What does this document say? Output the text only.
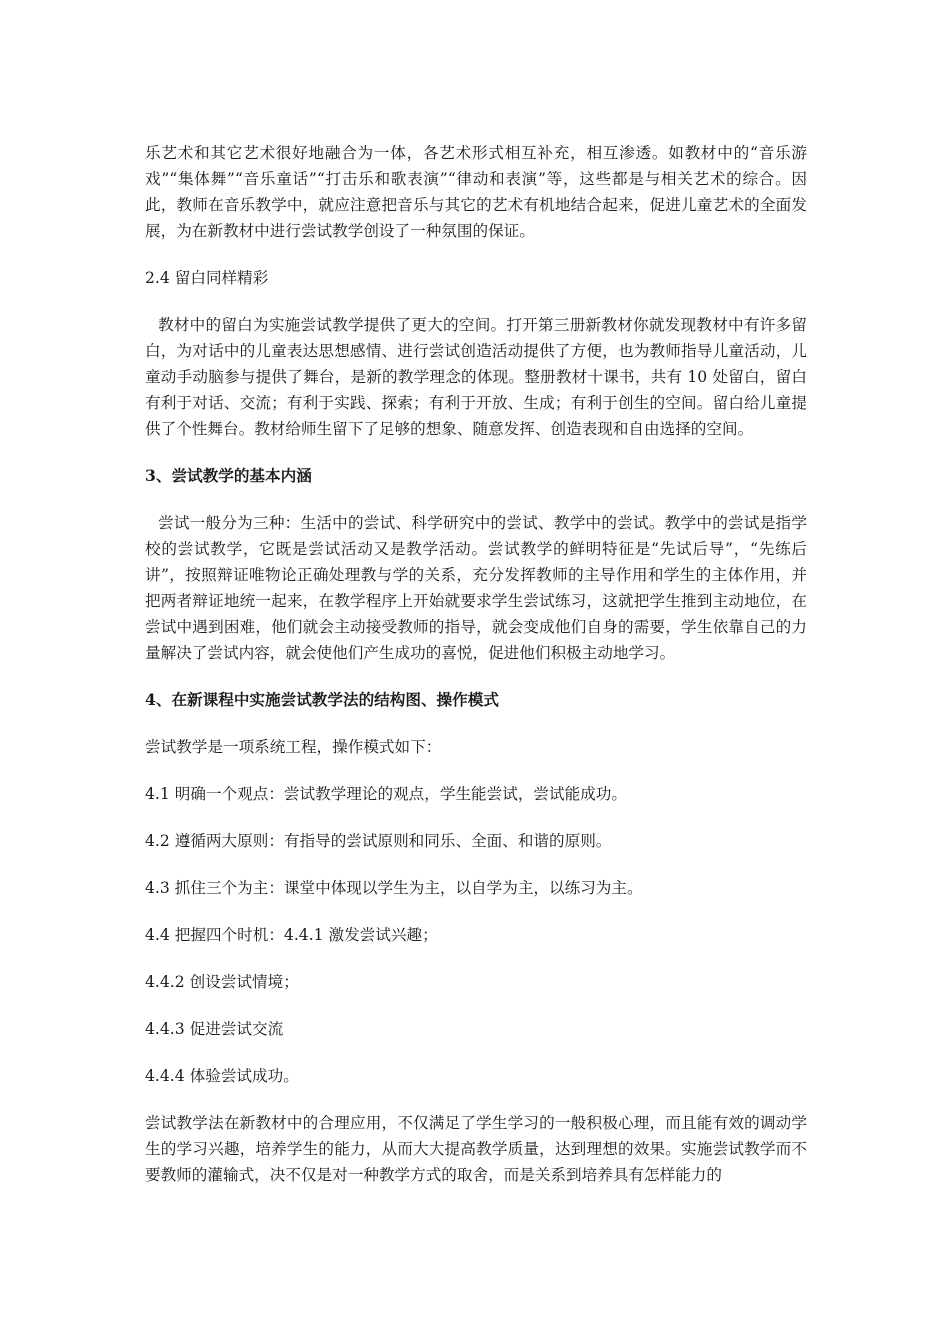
乐艺术和其它艺术很好地融合为一体，各艺术形式相互补充，相互渗透。如教材中的“音乐游戏”“集体舞”“音乐童话”“打击乐和歌表演”“律动和表演”等，这些都是与相关艺术的综合。因此，教师在音乐教学中，就应注意把音乐与其它的艺术有机地结合起来，促进儿童艺术的全面发展，为在新教材中进行尝试教学创设了一种氛围的保证。

2.4 留白同样精彩

教材中的留白为实施尝试教学提供了更大的空间。打开第三册新教材你就发现教材中有许多留白，为对话中的儿童表达思想感情、进行尝试创造活动提供了方便，也为教师指导儿童活动，儿童动手动脑参与提供了舞台，是新的教学理念的体现。整册教材十课书，共有 10 处留白，留白有利于对话、交流；有利于实践、探索；有利于开放、生成；有利于创生的空间。留白给儿童提供了个性舞台。教材给师生留下了足够的想象、随意发挥、创造表现和自由选择的空间。

3、尝试教学的基本内涵

尝试一般分为三种：生活中的尝试、科学研究中的尝试、教学中的尝试。教学中的尝试是指学校的尝试教学，它既是尝试活动又是教学活动。尝试教学的鲜明特征是“先试后导”，“先练后讲”，按照辩证唯物论正确处理教与学的关系，充分发挥教师的主导作用和学生的主体作用，并把两者辩证地统一起来，在教学程序上开始就要求学生尝试练习，这就把学生推到主动地位，在尝试中遇到困难，他们就会主动接受教师的指导，就会变成他们自身的需要，学生依靠自己的力量解决了尝试内容，就会使他们产生成功的喜悦，促进他们积极主动地学习。

4、在新课程中实施尝试教学法的结构图、操作模式

尝试教学是一项系统工程，操作模式如下：

4.1 明确一个观点：尝试教学理论的观点，学生能尝试，尝试能成功。

4.2 遵循两大原则：有指导的尝试原则和同乐、全面、和谐的原则。

4.3 抓住三个为主：课堂中体现以学生为主，以自学为主，以练习为主。

4.4 把握四个时机：4.4.1 激发尝试兴趣；

4.4.2 创设尝试情境；

4.4.3 促进尝试交流

4.4.4 体验尝试成功。

尝试教学法在新教材中的合理应用，不仅满足了学生学习的一般积极心理，而且能有效的调动学生的学习兴趣，培养学生的能力，从而大大提高教学质量，达到理想的效果。实施尝试教学而不要教师的灌输式，决不仅是对一种教学方式的取舍，而是关系到培养具有怎样能力的
